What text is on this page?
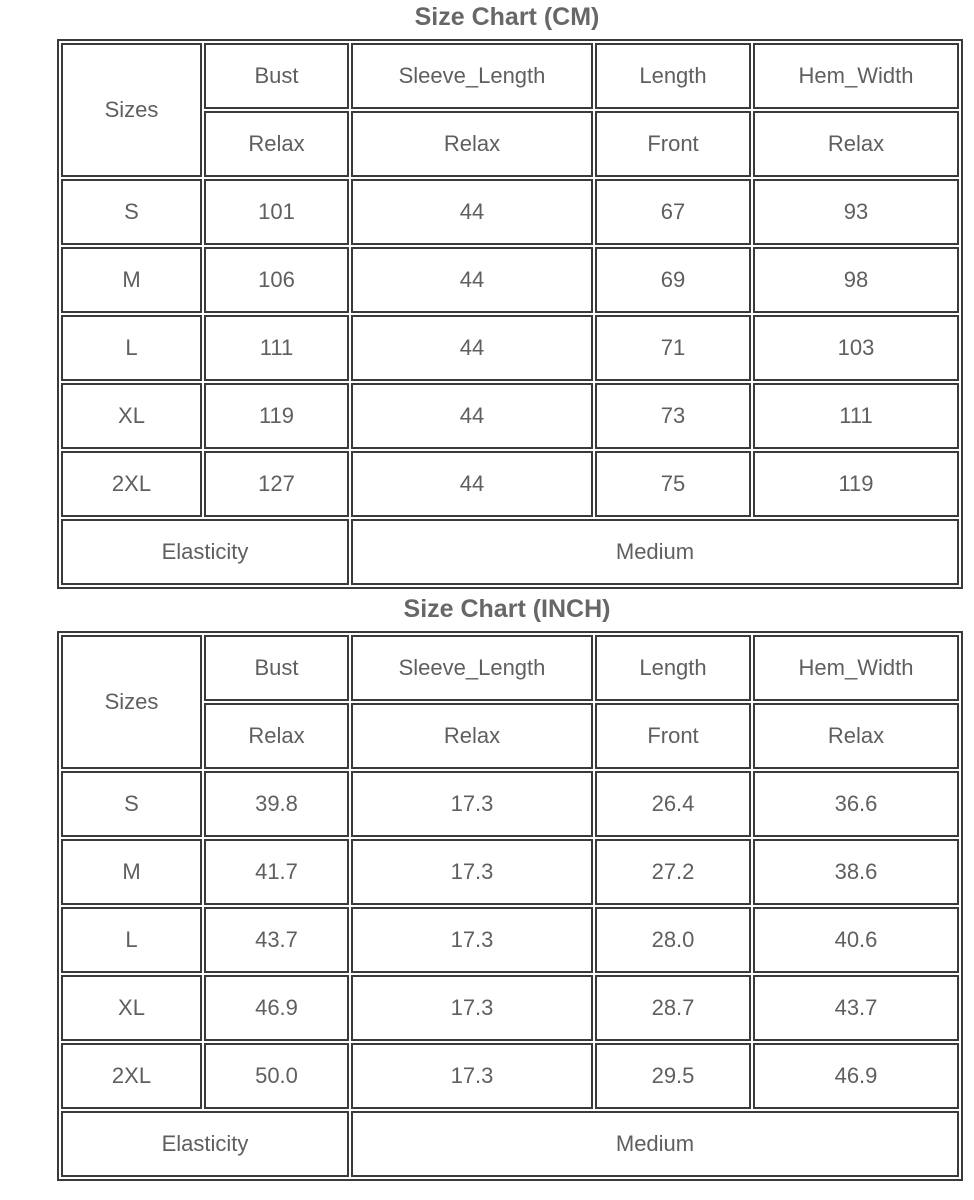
Size Chart (CM)
Sizes	Bust	Sleeve_Length	Length	Hem_Width
	Relax	Relax	Front	Relax
S	101	44	67	93
M	106	44	69	98
L	111	44	71	103
XL	119	44	73	111
2XL	127	44	75	119
Elasticity		Medium		
Size Chart (INCH)
Sizes	Bust	Sleeve_Length	Length	Hem_Width
	Relax	Relax	Front	Relax
S	39.8	17.3	26.4	36.6
M	41.7	17.3	27.2	38.6
L	43.7	17.3	28.0	40.6
XL	46.9	17.3	28.7	43.7
2XL	50.0	17.3	29.5	46.9
Elasticity		Medium		
